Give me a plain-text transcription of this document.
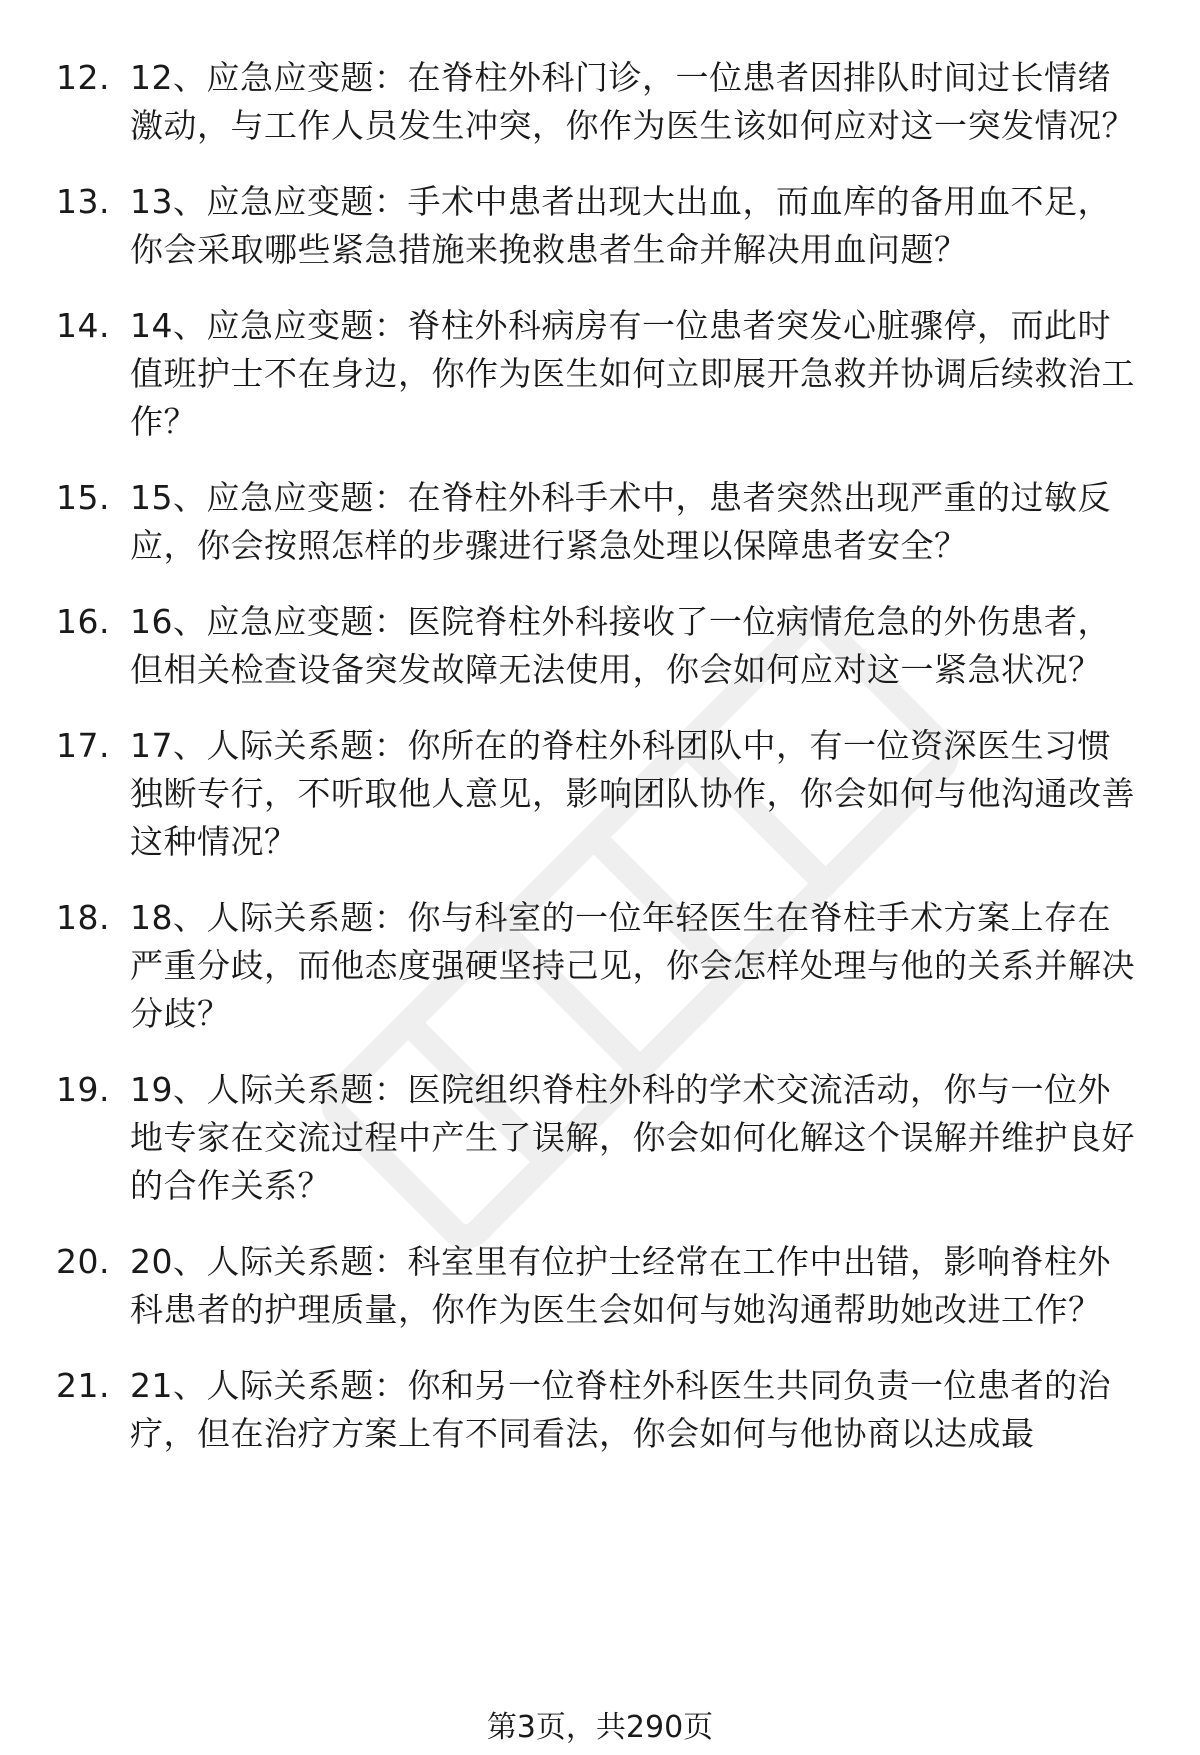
12. 12、应急应变题：在脊柱外科门诊，一位患者因排队时间过长情绪激动，与工作人员发生冲突，你作为医生该如何应对这一突发情况？
13. 13、应急应变题：手术中患者出现大出血，而血库的备用血不足，你会采取哪些紧急措施来挽救患者生命并解决用血问题？
14. 14、应急应变题：脊柱外科病房有一位患者突发心脏骤停，而此时值班护士不在身边，你作为医生如何立即展开急救并协调后续救治工作？
15. 15、应急应变题：在脊柱外科手术中，患者突然出现严重的过敏反应，你会按照怎样的步骤进行紧急处理以保障患者安全？
16. 16、应急应变题：医院脊柱外科接收了一位病情危急的外伤患者，但相关检查设备突发故障无法使用，你会如何应对这一紧急状况？
17. 17、人际关系题：你所在的脊柱外科团队中，有一位资深医生习惯独断专行，不听取他人意见，影响团队协作，你会如何与他沟通改善这种情况？
18. 18、人际关系题：你与科室的一位年轻医生在脊柱手术方案上存在严重分歧，而他态度强硬坚持己见，你会怎样处理与他的关系并解决分歧？
19. 19、人际关系题：医院组织脊柱外科的学术交流活动，你与一位外地专家在交流过程中产生了误解，你会如何化解这个误解并维护良好的合作关系？
20. 20、人际关系题：科室里有位护士经常在工作中出错，影响脊柱外科患者的护理质量，你作为医生会如何与她沟通帮助她改进工作？
21. 21、人际关系题：你和另一位脊柱外科医生共同负责一位患者的治疗，但在治疗方案上有不同看法，你会如何与他协商以达成最
第3页，共290页
